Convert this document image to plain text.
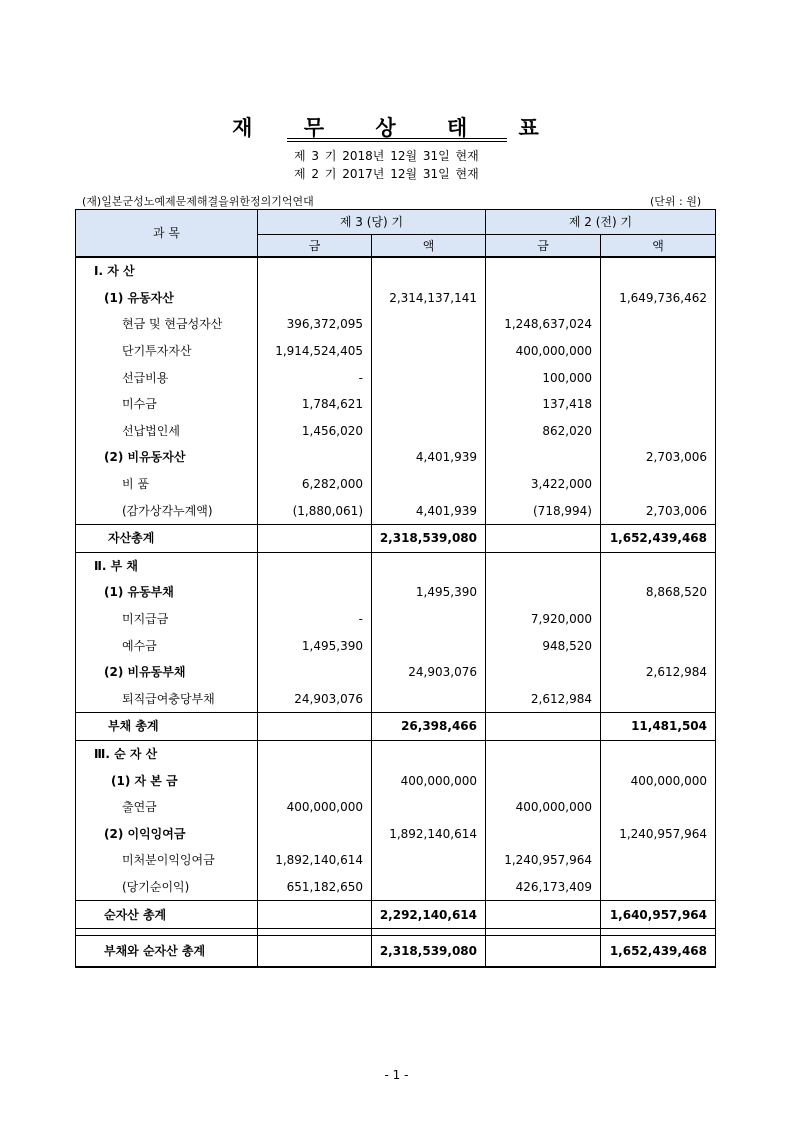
재 무 상 태 표
제 3 기 2018년 12월 31일 현재
제 2 기 2017년 12월 31일 현재
(재)일본군성노예제문제해결을위한정의기억연대	(단위 : 원)
과 목	제 3 (당) 기		제 2 (전) 기	
	금	액	금	액
Ⅰ. 자 산				
(1) 유동자산		2,314,137,141		1,649,736,462
현금 및 현금성자산	396,372,095		1,248,637,024	
단기투자자산	1,914,524,405		400,000,000	
선급비용	-		100,000	
미수금	1,784,621		137,418	
선납법인세	1,456,020		862,020	
(2) 비유동자산		4,401,939		2,703,006
비 품	6,282,000		3,422,000	
(감가상각누계액)	(1,880,061)	4,401,939	(718,994)	2,703,006
자산총계		2,318,539,080		1,652,439,468
Ⅱ. 부 채				
(1) 유동부채		1,495,390		8,868,520
미지급금	-		7,920,000	
예수금	1,495,390		948,520	
(2) 비유동부채		24,903,076		2,612,984
퇴직급여충당부채	24,903,076		2,612,984	
부채 총계		26,398,466		11,481,504
Ⅲ. 순 자 산				
(1) 자 본 금		400,000,000		400,000,000
출연금	400,000,000		400,000,000	
(2) 이익잉여금		1,892,140,614		1,240,957,964
미처분이익잉여금	1,892,140,614		1,240,957,964	
(당기순이익)	651,182,650		426,173,409	
순자산 총계		2,292,140,614		1,640,957,964

부채와 순자산 총계		2,318,539,080		1,652,439,468
- 1 -
